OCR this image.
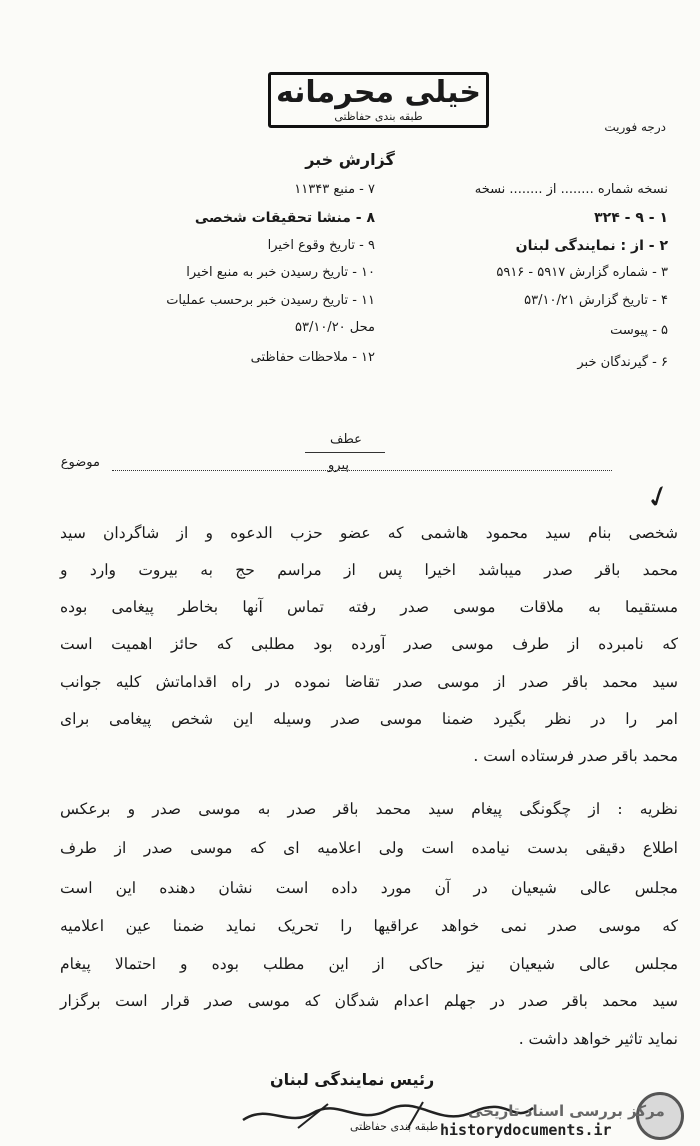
خیلی محرمانه
طبقه بندی حفاظتی
درجه فوریت
گزارش خبر
نسخه شماره ........ از ........ نسخه
۱ - ۹ - ۳۲۴
۲ - از : نمایندگی لبنان
۳ - شماره گزارش ۵۹۱۷ - ۵۹۱۶
۴ - تاریخ گزارش ۵۳/۱۰/۲۱
۵ - پیوست
۶ - گیرندگان خبر
۷ - منبع ۱۱۳۴۳
۸ - منشا تحقیقات شخصی
۹ - تاریخ وقوع اخیرا
۱۰ - تاریخ رسیدن خبر به منبع اخیرا
۱۱ - تاریخ رسیدن خبر برحسب عملیات
محل ۵۳/۱۰/۲۰
۱۲ - ملاحظات حفاظتی
عطف
پیرو
موضوع
✓
شخصی بنام سید محمود هاشمی که عضو حزب الدعوه و از شاگردان سید
محمد باقر صدر میباشد اخیرا پس از مراسم حج به بیروت وارد و
مستقیما به ملاقات موسی صدر رفته تماس آنها بخاطر پیغامی بوده
که نامبرده از طرف موسی صدر آورده بود مطلبی که حائز اهمیت است
سید محمد باقر صدر از موسی صدر تقاضا نموده در راه اقداماتش کلیه جوانب
امر را در نظر بگیرد ضمنا موسی صدر وسیله این شخص پیغامی برای
محمد باقر صدر فرستاده است .
نظریه : از چگونگی پیغام سید محمد باقر صدر به موسی صدر و برعکس
اطلاع دقیقی بدست نیامده است ولی اعلامیه ای که موسی صدر از طرف
مجلس عالی شیعیان در آن مورد داده است نشان دهنده این است
که موسی صدر نمی خواهد عراقیها را تحریک نماید ضمنا عین اعلامیه
مجلس عالی شیعیان نیز حاکی از این مطلب بوده و احتمالا پیغام
سید محمد باقر صدر در جهلم اعدام شدگان که موسی صدر قرار است برگزار
نماید تاثیر خواهد داشت .
رئیس نمایندگی لبنان
طبقه بندی حفاظتی
مرکز بررسی اسناد تاریخی
historydocuments.ir
